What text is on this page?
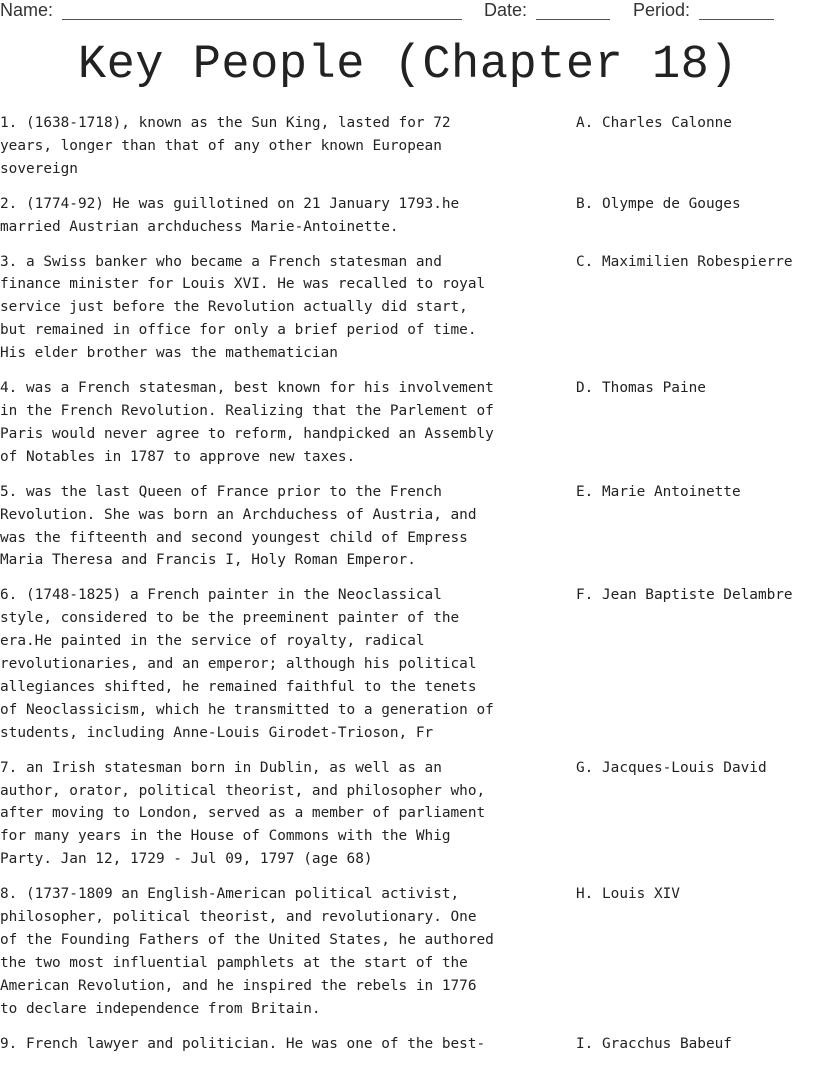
Name:	Date:	Period:
Key People (Chapter 18)
1. (1638-1718), known as the Sun King, lasted for 72
years, longer than that of any other known European
sovereign
A. Charles Calonne
2. (1774-92) He was guillotined on 21 January 1793.he
married Austrian archduchess Marie-Antoinette.
B. Olympe de Gouges
3. a Swiss banker who became a French statesman and
finance minister for Louis XVI. He was recalled to royal
service just before the Revolution actually did start,
but remained in office for only a brief period of time.
His elder brother was the mathematician
C. Maximilien Robespierre
4. was a French statesman, best known for his involvement
in the French Revolution. Realizing that the Parlement of
Paris would never agree to reform, handpicked an Assembly
of Notables in 1787 to approve new taxes.
D. Thomas Paine
5. was the last Queen of France prior to the French
Revolution. She was born an Archduchess of Austria, and
was the fifteenth and second youngest child of Empress
Maria Theresa and Francis I, Holy Roman Emperor.
E. Marie Antoinette
6. (1748-1825) a French painter in the Neoclassical
style, considered to be the preeminent painter of the
era.He painted in the service of royalty, radical
revolutionaries, and an emperor; although his political
allegiances shifted, he remained faithful to the tenets
of Neoclassicism, which he transmitted to a generation of
students, including Anne-Louis Girodet-Trioson, Fr
F. Jean Baptiste Delambre
7. an Irish statesman born in Dublin, as well as an
author, orator, political theorist, and philosopher who,
after moving to London, served as a member of parliament
for many years in the House of Commons with the Whig
Party. Jan 12, 1729 - Jul 09, 1797 (age 68)
G. Jacques-Louis David
8. (1737-1809 an English-American political activist,
philosopher, political theorist, and revolutionary. One
of the Founding Fathers of the United States, he authored
the two most influential pamphlets at the start of the
American Revolution, and he inspired the rebels in 1776
to declare independence from Britain.
H. Louis XIV
9. French lawyer and politician. He was one of the best-	I. Gracchus Babeuf
